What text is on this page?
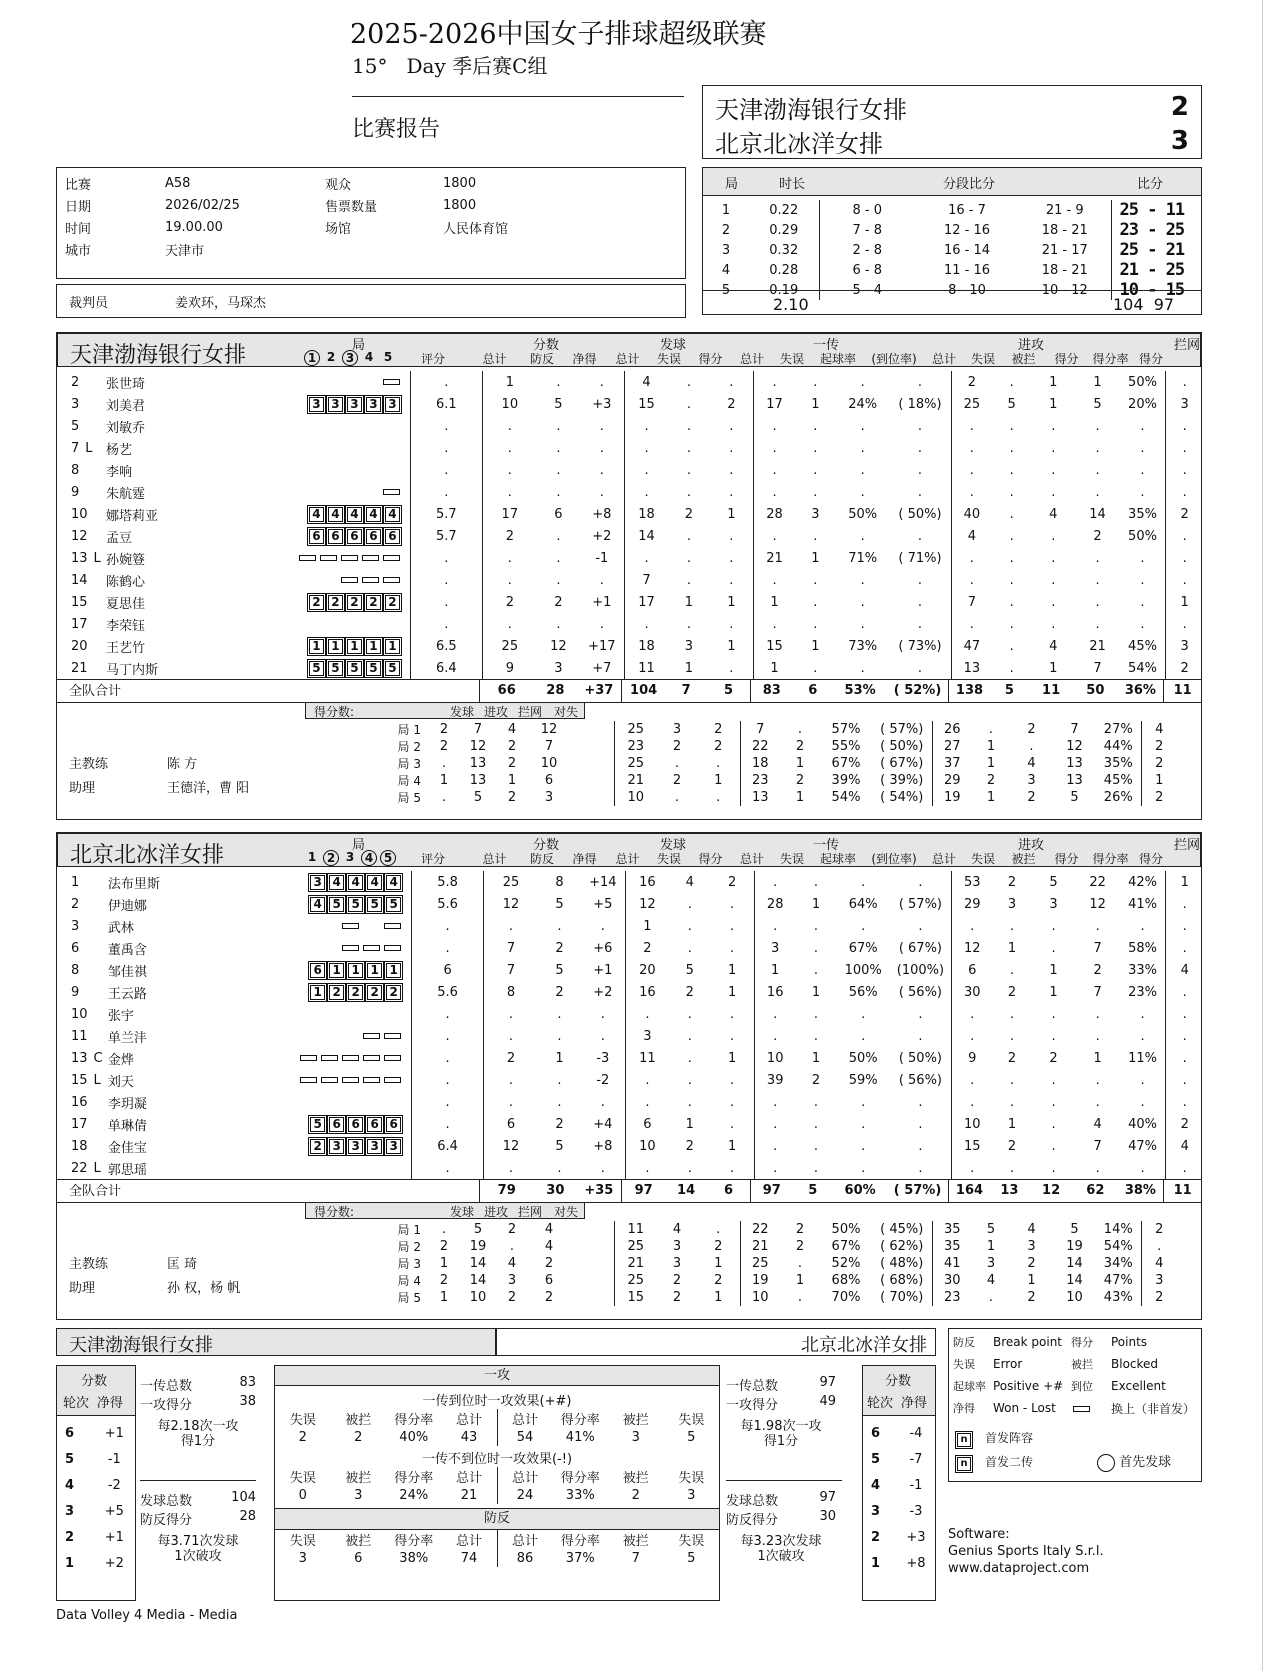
2025-2026中国女子排球超级联赛
15°   Day 季后赛C组
比赛报告
天津渤海银行女排	2
北京北冰洋女排	3
比赛	A58	观众	1800
日期	2026/02/25	售票数量	1800
时间	19.00.00	场馆	人民体育馆
城市	天津市		
裁判员	姜欢环，马琛杰
局	时长	分段比分	比分
1	0.22	8 - 0	16 - 7	21 - 9	25 - 11
2	0.29	7 - 8	12 - 16	18 - 21	23 - 25
3	0.32	2 - 8	16 - 14	21 - 17	25 - 21
4	0.28	6 - 8	11 - 16	18 - 21	21 - 25
5	0.19	5 - 4	8 - 10	10 - 12	10 - 15
2.10	104  97
天津渤海银行女排	局	分数	发球	一传	进攻	拦网
1 2 3 4 5	评分	总计	防反	净得	总计	失误	得分	总计	失误	起球率	(到位率)	总计	失误	被拦	得分	得分率 得分
2	张世琦		.	1	.	.	4	.	.	.	.	.	.	2	.	1	1	50%	.
3	刘美君	3 3 3 3 3	6.1	10	5	+3	15	.	2	17	1	24%	( 18%)	25	5	1	5	20%	3
5	刘敏乔		.	.	.	.	.	.	.	.	.	.	.	.	.	.	.	.	.
7 L	杨艺		.	.	.	.	.	.	.	.	.	.	.	.	.	.	.	.	.
8	李响		.	.	.	.	.	.	.	.	.	.	.	.	.	.	.	.	.
9	朱航霆		.	.	.	.	.	.	.	.	.	.	.	.	.	.	.	.	.
10	娜塔莉亚	4 4 4 4 4	5.7	17	6	+8	18	2	1	28	3	50%	( 50%)	40	.	4	14	35%	2
12	孟豆	6 6 6 6 6	5.7	2	.	+2	14	.	.	.	.	.	.	4	.	.	2	50%	.
13 L	孙婉簦		.	.	.	-1	.	.	.	21	1	71%	( 71%)	.	.	.	.	.	.
14	陈鹤心		.	.	.	.	7	.	.	.	.	.	.	.	.	.	.	.	.
15	夏思佳	2 2 2 2 2	.	2	2	+1	17	1	1	1	.	.	.	7	.	.	.	.	1
17	李荣钰		.	.	.	.	.	.	.	.	.	.	.	.	.	.	.	.	.
20	王艺竹	1 1 1 1 1	6.5	25	12	+17	18	3	1	15	1	73%	( 73%)	47	.	4	21	45%	3
21	马丁内斯	5 5 5 5 5	6.4	9	3	+7	11	1	.	1	.	.	.	13	.	1	7	54%	2
全队合计	66	28	+37	104	7	5	83	6	53%	( 52%)	138	5	11	50	36%	11
得分数:	发球 进攻 拦网 对失
主教练	陈 方
助理	王德洋，曹 阳
局 1	2	7	4	12		25	3	2	7	.	57%	( 57%)	26	.	2	7	27%	4
局 2	2	12	2	7		23	2	2	22	2	55%	( 50%)	27	1	.	12	44%	2
局 3	.	13	2	10		25	.	.	18	1	67%	( 67%)	37	1	4	13	35%	2
局 4	1	13	1	6		21	2	1	23	2	39%	( 39%)	29	2	3	13	45%	1
局 5	.	5	2	3		10	.	.	13	1	54%	( 54%)	19	1	2	5	26%	2
北京北冰洋女排	局	分数	发球	一传	进攻	拦网
1 2 3 4 5	评分	总计	防反	净得	总计	失误	得分	总计	失误	起球率	(到位率)	总计	失误	被拦	得分	得分率 得分
1	法布里斯	3 4 4 4 4	5.8	25	8	+14	16	4	2	.	.	.	.	53	2	5	22	42%	1
2	伊迪娜	4 5 5 5 5	5.6	12	5	+5	12	.	.	28	1	64%	( 57%)	29	3	3	12	41%	.
3	武林		.	.	.	.	1	.	.	.	.	.	.	.	.	.	.	.	.
6	董禹含		.	7	2	+6	2	.	.	3	.	67%	( 67%)	12	1	.	7	58%	.
8	邹佳祺	6 1 1 1 1	6	7	5	+1	20	5	1	1	.	100%	(100%)	6	.	1	2	33%	4
9	王云路	1 2 2 2 2	5.6	8	2	+2	16	2	1	16	1	56%	( 56%)	30	2	1	7	23%	.
10	张宇		.	.	.	.	.	.	.	.	.	.	.	.	.	.	.	.	.
11	单兰沣		.	.	.	.	3	.	.	.	.	.	.	.	.	.	.	.	.
13 C	金烨		.	2	1	-3	11	.	1	10	1	50%	( 50%)	9	2	2	1	11%	.
15 L	刘天		.	.	.	-2	.	.	.	39	2	59%	( 56%)	.	.	.	.	.	.
16	李玥凝		.	.	.	.	.	.	.	.	.	.	.	.	.	.	.	.	.
17	单琳倩	5 6 6 6 6	.	6	2	+4	6	1	.	.	.	.	.	10	1	.	4	40%	2
18	金佳宝	2 3 3 3 3	6.4	12	5	+8	10	2	1	.	.	.	.	15	2	.	7	47%	4
22 L	郭思瑶		.	.	.	.	.	.	.	.	.	.	.	.	.	.	.	.	.
全队合计	79	30	+35	97	14	6	97	5	60%	( 57%)	164	13	12	62	38%	11
得分数:	发球 进攻 拦网 对失
主教练	匡 琦
助理	孙 权，杨 帆
局 1	.	5	2	4		11	4	.	22	2	50%	( 45%)	35	5	4	5	14%	2
局 2	2	19	.	4		25	3	2	21	2	67%	( 62%)	35	1	3	19	54%	.
局 3	1	14	4	2		21	3	1	25	.	52%	( 48%)	41	3	2	14	34%	4
局 4	2	14	3	6		25	2	2	19	1	68%	( 68%)	30	4	1	14	47%	3
局 5	1	10	2	2		15	2	1	10	.	70%	( 70%)	23	.	2	10	43%	2
天津渤海银行女排	北京北冰洋女排
分数
轮次 净得
6	+1
5	-1
4	-2
3	+5
2	+1
1	+2
分数
轮次 净得
6	-4
5	-7
4	-1
3	-3
2	+3
1	+8
一传总数	83
一攻得分	38
每2.18次一攻
得1分
发球总数	104
防反得分	28
每3.71次发球
1次破攻
一传总数	97
一攻得分	49
每1.98次一攻
得1分
发球总数	97
防反得分	30
每3.23次发球
1次破攻
一攻
一传到位时一攻效果(+#)
失误	被拦	得分率	总计	总计	得分率	被拦	失误
2	2	40%	43	54	41%	3	5
一传不到位时一攻效果(-!)
失误	被拦	得分率	总计	总计	得分率	被拦	失误
0	3	24%	21	24	33%	2	3
防反
失误	被拦	得分率	总计	总计	得分率	被拦	失误
3	6	38%	74	86	37%	7	5
防反	Break point	得分	Points
失误	Error	被拦	Blocked
起球率	Positive +#	到位	Excellent
净得	Won - Lost		换上（非首发）
n 首发阵容
n 首发二传	首先发球
Software:
Genius Sports Italy S.r.l.
www.dataproject.com
Data Volley 4 Media - Media
